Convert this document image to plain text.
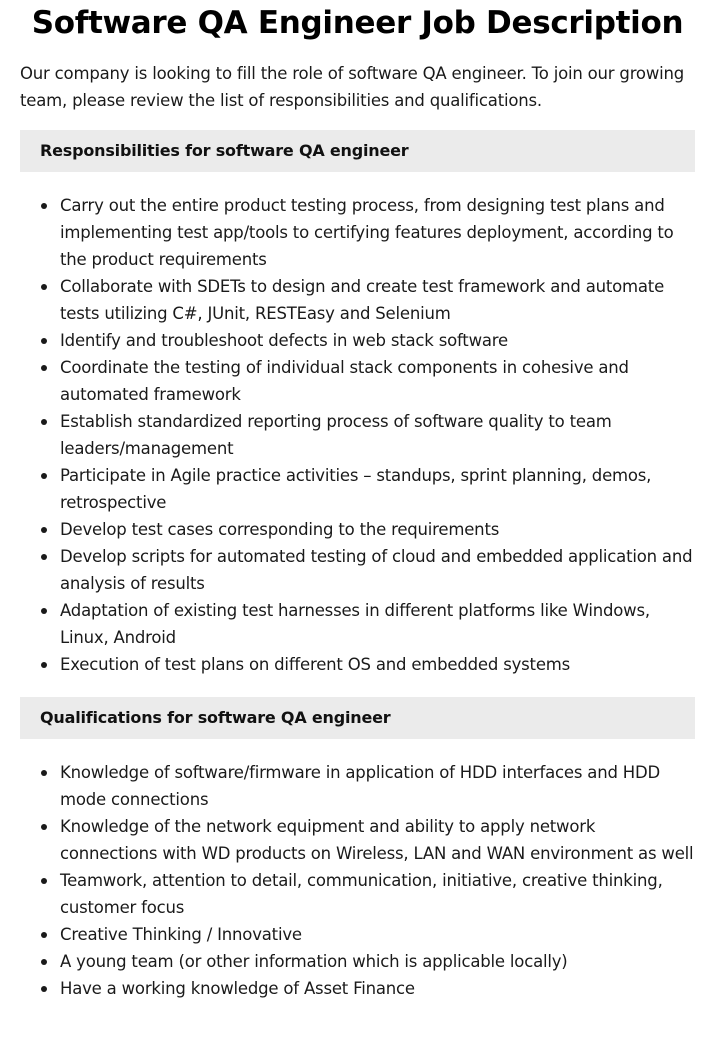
Software QA Engineer Job Description

Our company is looking to fill the role of software QA engineer. To join our growing team, please review the list of responsibilities and qualifications.

Responsibilities for software QA engineer
Carry out the entire product testing process, from designing test plans and implementing test app/tools to certifying features deployment, according to the product requirements
Collaborate with SDETs to design and create test framework and automate tests utilizing C#, JUnit, RESTEasy and Selenium
Identify and troubleshoot defects in web stack software
Coordinate the testing of individual stack components in cohesive and automated framework
Establish standardized reporting process of software quality to team leaders/management
Participate in Agile practice activities – standups, sprint planning, demos, retrospective
Develop test cases corresponding to the requirements
Develop scripts for automated testing of cloud and embedded application and analysis of results
Adaptation of existing test harnesses in different platforms like Windows, Linux, Android
Execution of test plans on different OS and embedded systems
Qualifications for software QA engineer
Knowledge of software/firmware in application of HDD interfaces and HDD mode connections
Knowledge of the network equipment and ability to apply network connections with WD products on Wireless, LAN and WAN environment as well
Teamwork, attention to detail, communication, initiative, creative thinking, customer focus
Creative Thinking / Innovative
A young team (or other information which is applicable locally)
Have a working knowledge of Asset Finance
